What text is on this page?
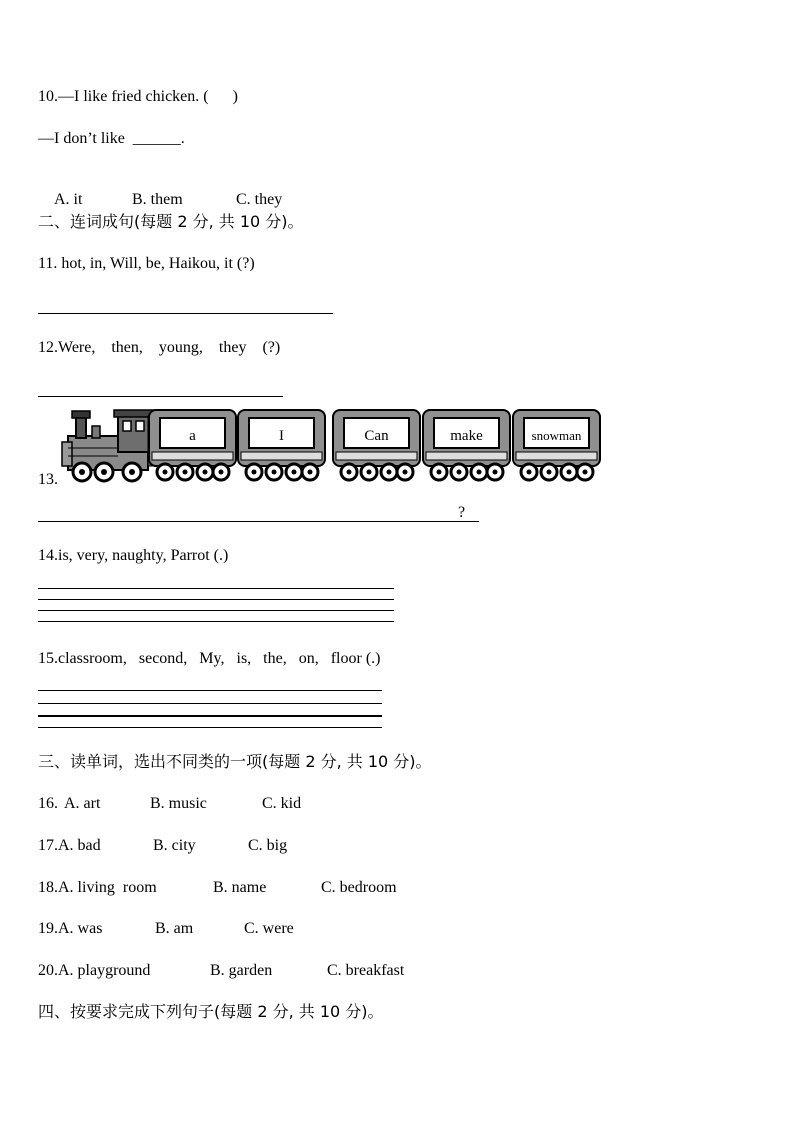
10.—I like fried chicken. (      )
—I don’t like  ______.

A. it	B. them	C. they

二、连词成句(每题 2 分, 共 10 分)。
11. hot, in, Will, be, Haikou, it (?)
12.Were,    then,    young,    they    (?)
13.
a	I	Can	make	snowman
?
14.is, very, naughty, Parrot (.)
15.classroom,   second,   My,   is,   the,   on,   floor (.)
三、读单词，选出不同类的一项(每题 2 分, 共 10 分)。
16. A. art	B. music	C. kid
17.A. bad	B. city	C. big
18.A. living  room	B. name	C. bedroom
19.A. was	B. am	C. were
20.A. playground	B. garden	C. breakfast
四、按要求完成下列句子(每题 2 分, 共 10 分)。
